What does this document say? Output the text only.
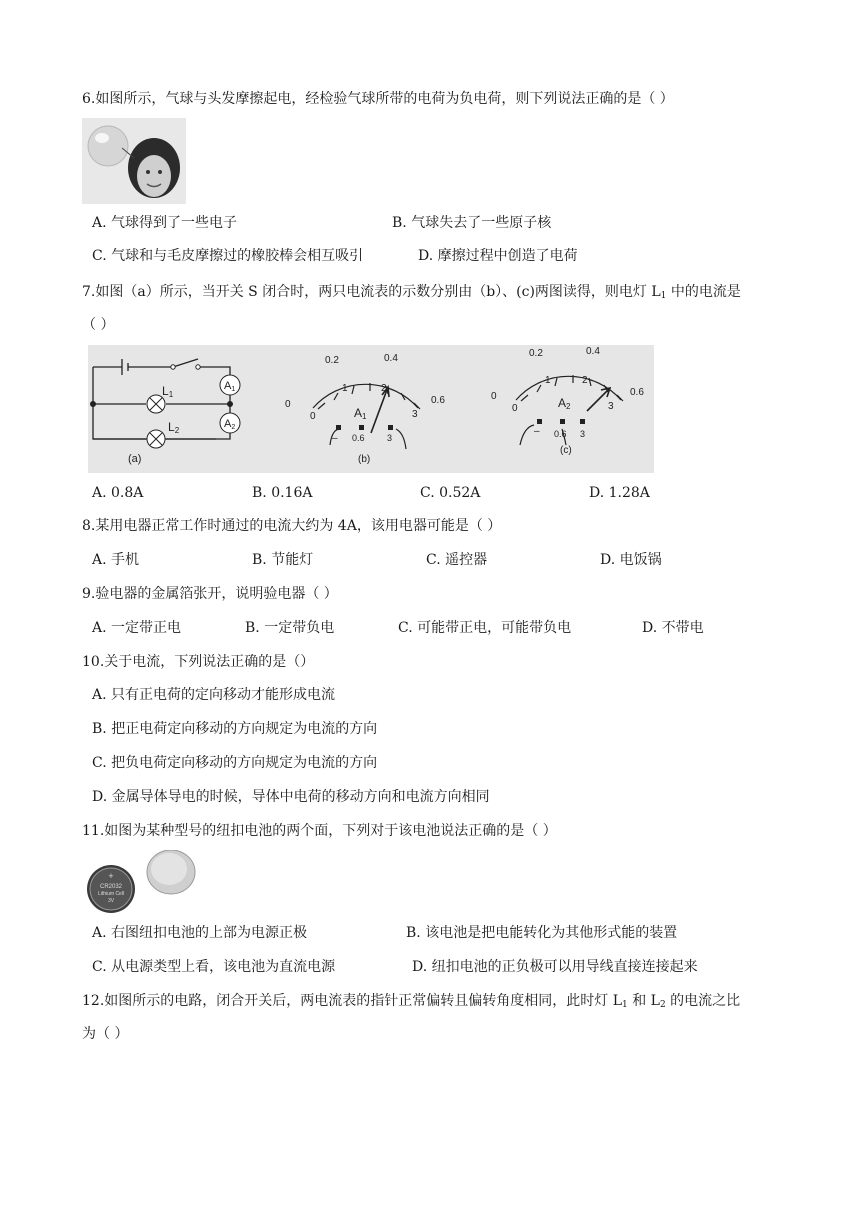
6.如图所示，气球与头发摩擦起电，经检验气球所带的电荷为负电荷，则下列说法正确的是（ ）
A. 气球得到了一些电子	B. 气球失去了一些原子核
C. 气球和与毛皮摩擦过的橡胶棒会相互吸引	D. 摩擦过程中创造了电荷
7.如图（a）所示，当开关 S 闭合时，两只电流表的示数分别由（b）、(c)两图读得，则电灯 $L_1$ 中的电流是
（ ）
A1
A2
L1
L2
(a)
0
0.2	0.4
0.6
0
1	2
3
A1
– 0.6 3
(b)
0
0.2	0.4
0.6
0
1	2
3
A2
– 0.6 3
(c)
A. 0.8A	B. 0.16A	C. 0.52A	D. 1.28A
8.某用电器正常工作时通过的电流大约为 4A，该用电器可能是（ ）
A. 手机	B. 节能灯	C. 遥控器	D. 电饭锅
9.验电器的金属箔张开，说明验电器（ ）
A. 一定带正电	B. 一定带负电	C. 可能带正电，可能带负电	D. 不带电
10.关于电流，下列说法正确的是（）
A. 只有正电荷的定向移动才能形成电流
B. 把正电荷定向移动的方向规定为电流的方向
C. 把负电荷定向移动的方向规定为电流的方向
D. 金属导体导电的时候，导体中电荷的移动方向和电流方向相同
11.如图为某种型号的纽扣电池的两个面，下列对于该电池说法正确的是（ ）
+
CR2032
Lithium Cell
3V
A. 右图纽扣电池的上部为电源正极	B. 该电池是把电能转化为其他形式能的装置
C. 从电源类型上看，该电池为直流电源	D. 纽扣电池的正负极可以用导线直接连接起来
12.如图所示的电路，闭合开关后，两电流表的指针正常偏转且偏转角度相同，此时灯 $L_1$ 和 $L_2$ 的电流之比
为（ ）
